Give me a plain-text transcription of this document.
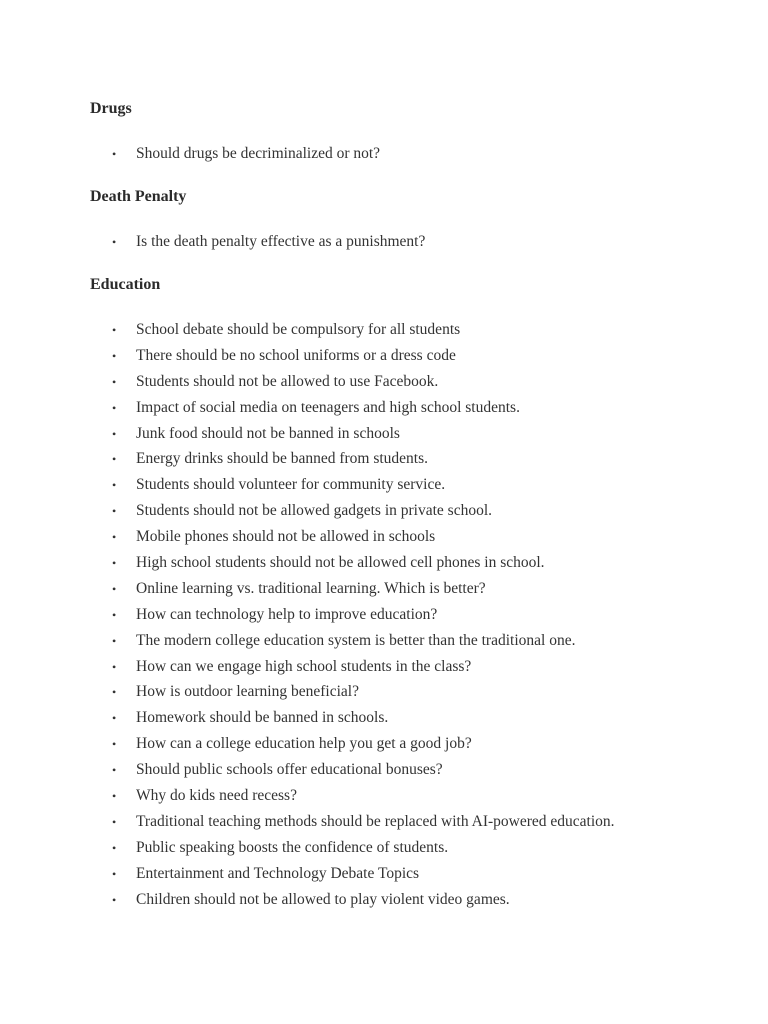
Drugs
• Should drugs be decriminalized or not?
Death Penalty
• Is the death penalty effective as a punishment?
Education
• School debate should be compulsory for all students
• There should be no school uniforms or a dress code
• Students should not be allowed to use Facebook.
• Impact of social media on teenagers and high school students.
• Junk food should not be banned in schools
• Energy drinks should be banned from students.
• Students should volunteer for community service.
• Students should not be allowed gadgets in private school.
• Mobile phones should not be allowed in schools
• High school students should not be allowed cell phones in school.
• Online learning vs. traditional learning. Which is better?
• How can technology help to improve education?
• The modern college education system is better than the traditional one.
• How can we engage high school students in the class?
• How is outdoor learning beneficial?
• Homework should be banned in schools.
• How can a college education help you get a good job?
• Should public schools offer educational bonuses?
• Why do kids need recess?
• Traditional teaching methods should be replaced with AI-powered education.
• Public speaking boosts the confidence of students.
• Entertainment and Technology Debate Topics
• Children should not be allowed to play violent video games.
